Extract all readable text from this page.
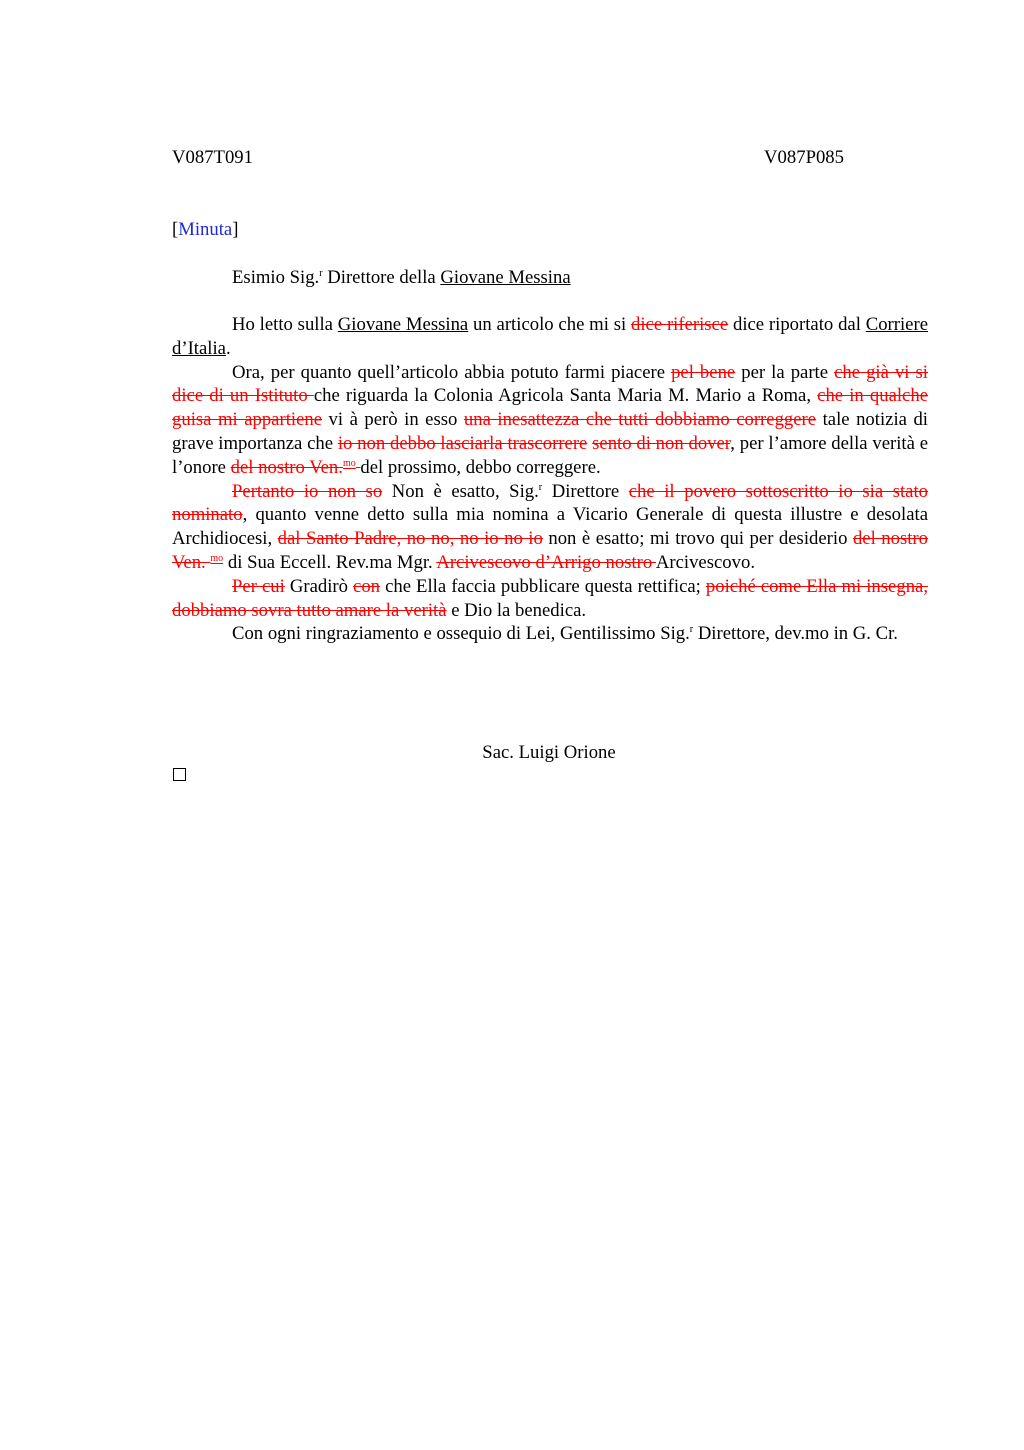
V087T091	V087P085
[Minuta]
Esimio Sig.$^r$ Direttore della Giovane Messina

Ho letto sulla Giovane Messina un articolo che mi si dice riferisce dice riportato dal Corriere d’Italia.

Ora, per quanto quell’articolo abbia potuto farmi piacere pel bene per la parte che già vi si dice di un Istituto che riguarda la Colonia Agricola Santa Maria M. Mario a Roma, che in qualche guisa mi appartiene vi à però in esso una inesattezza che tutti dobbiamo correggere tale notizia di grave importanza che io non debbo lasciarla trascorrere sento di non dover, per l’amore della verità e l’onore del nostro Ven.$^{mo}$ del prossimo, debbo correggere.

Pertanto io non so Non è esatto, Sig.$^r$ Direttore che il povero sottoscritto io sia stato nominato, quanto venne detto sulla mia nomina a Vicario Generale di questa illustre e desolata Archidiocesi, dal Santo Padre, no no, no io no io non è esatto; mi trovo qui per desiderio del nostro Ven. $^{mo}$ di Sua Eccell. Rev.ma Mgr. Arcivescovo d’Arrigo nostro Arcivescovo.

Per cui Gradirò con che Ella faccia pubblicare questa rettifica; poiché come Ella mi insegna, dobbiamo sovra tutto amare la verità e Dio la benedica.

Con ogni ringraziamento e ossequio di Lei, Gentilissimo Sig.$^r$ Direttore, dev.mo in G. Cr.

Sac. Luigi Orione
